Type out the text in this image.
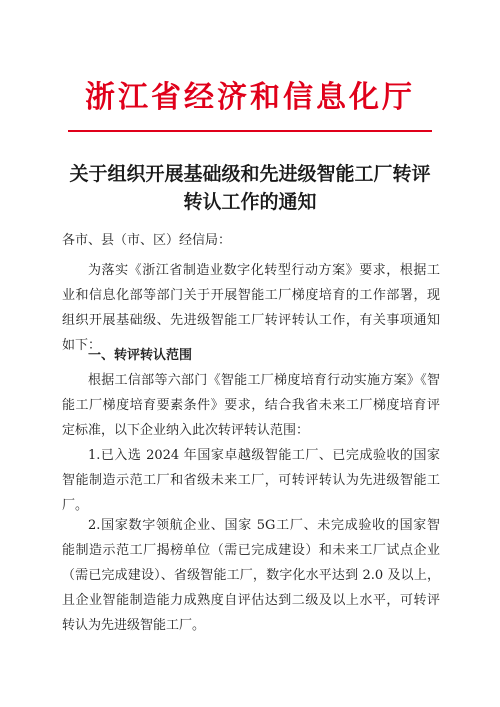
浙江省经济和信息化厅
关于组织开展基础级和先进级智能工厂转评
转认工作的通知
各市、县（市、区）经信局：
为落实《浙江省制造业数字化转型行动方案》要求，根据工
业和信息化部等部门关于开展智能工厂梯度培育的工作部署，现
组织开展基础级、先进级智能工厂转评转认工作，有关事项通知
如下：
一、转评转认范围
根据工信部等六部门《智能工厂梯度培育行动实施方案》《智
能工厂梯度培育要素条件》要求，结合我省未来工厂梯度培育评
定标准，以下企业纳入此次转评转认范围：
1.已入选 2024 年国家卓越级智能工厂、已完成验收的国家
智能制造示范工厂和省级未来工厂，可转评转认为先进级智能工
厂。
2.国家数字领航企业、国家 5G工厂、未完成验收的国家智
能制造示范工厂揭榜单位（需已完成建设）和未来工厂试点企业
（需已完成建设）、省级智能工厂，数字化水平达到 2.0 及以上，
且企业智能制造能力成熟度自评估达到二级及以上水平，可转评
转认为先进级智能工厂。
